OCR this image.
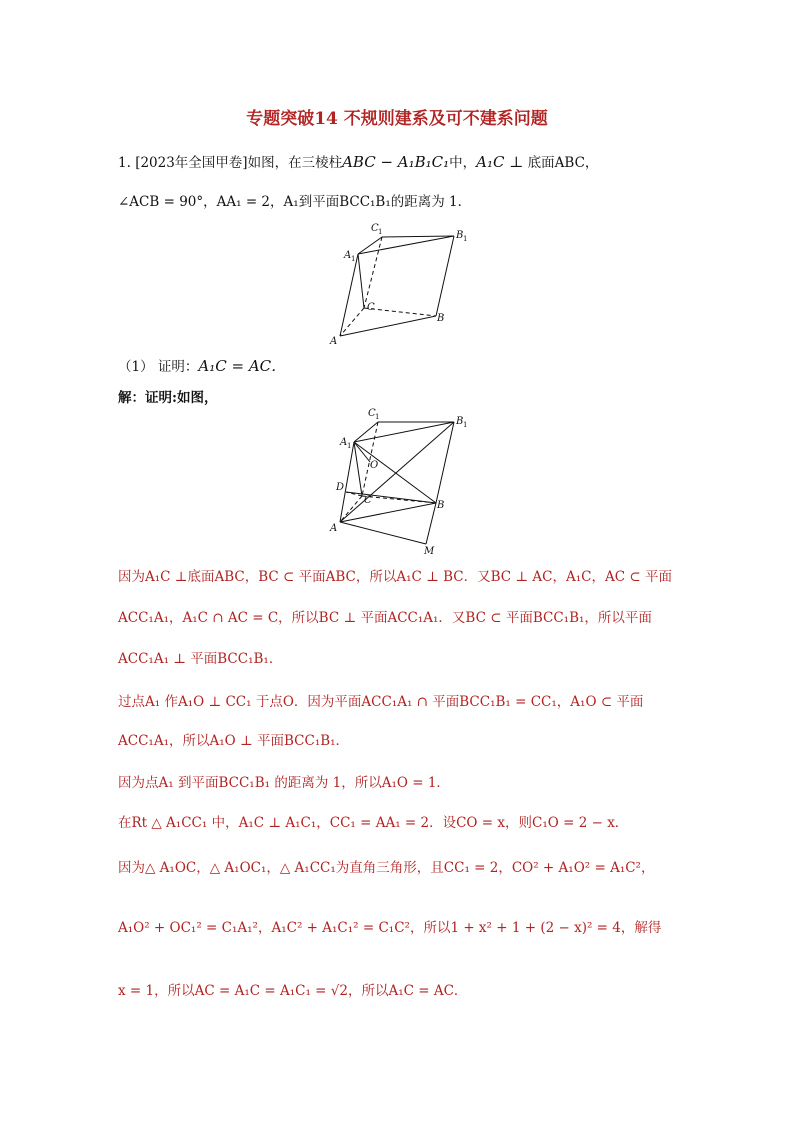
专题突破14 不规则建系及可不建系问题
1. [2023年全国甲卷]如图，在三棱柱ABC − A₁B₁C₁中，A₁C ⊥ 底面ABC，
∠ACB = 90°，AA₁ = 2，A₁到平面BCC₁B₁的距离为 1．
C 1	B 1
A 1
C
B
A
（1） 证明：A₁C = AC．
解：证明:如图，
C 1	B 1
A 1
O
D
C	B
A
M
因为A₁C ⊥底面ABC，BC ⊂ 平面ABC，所以A₁C ⊥ BC．又BC ⊥ AC，A₁C，AC ⊂ 平面
ACC₁A₁，A₁C ∩ AC = C，所以BC ⊥ 平面ACC₁A₁．又BC ⊂ 平面BCC₁B₁，所以平面
ACC₁A₁ ⊥ 平面BCC₁B₁．
过点A₁ 作A₁O ⊥ CC₁ 于点O．因为平面ACC₁A₁ ∩ 平面BCC₁B₁ = CC₁，A₁O ⊂ 平面
ACC₁A₁，所以A₁O ⊥ 平面BCC₁B₁．
因为点A₁ 到平面BCC₁B₁ 的距离为 1，所以A₁O = 1．
在Rt △ A₁CC₁ 中，A₁C ⊥ A₁C₁，CC₁ = AA₁ = 2．设CO = x，则C₁O = 2 − x．
因为△ A₁OC，△ A₁OC₁，△ A₁CC₁为直角三角形，且CC₁ = 2，CO² + A₁O² = A₁C²，
A₁O² + OC₁² = C₁A₁²，A₁C² + A₁C₁² = C₁C²，所以1 + x² + 1 + (2 − x)² = 4，解得
x = 1，所以AC = A₁C = A₁C₁ = √2，所以A₁C = AC．
